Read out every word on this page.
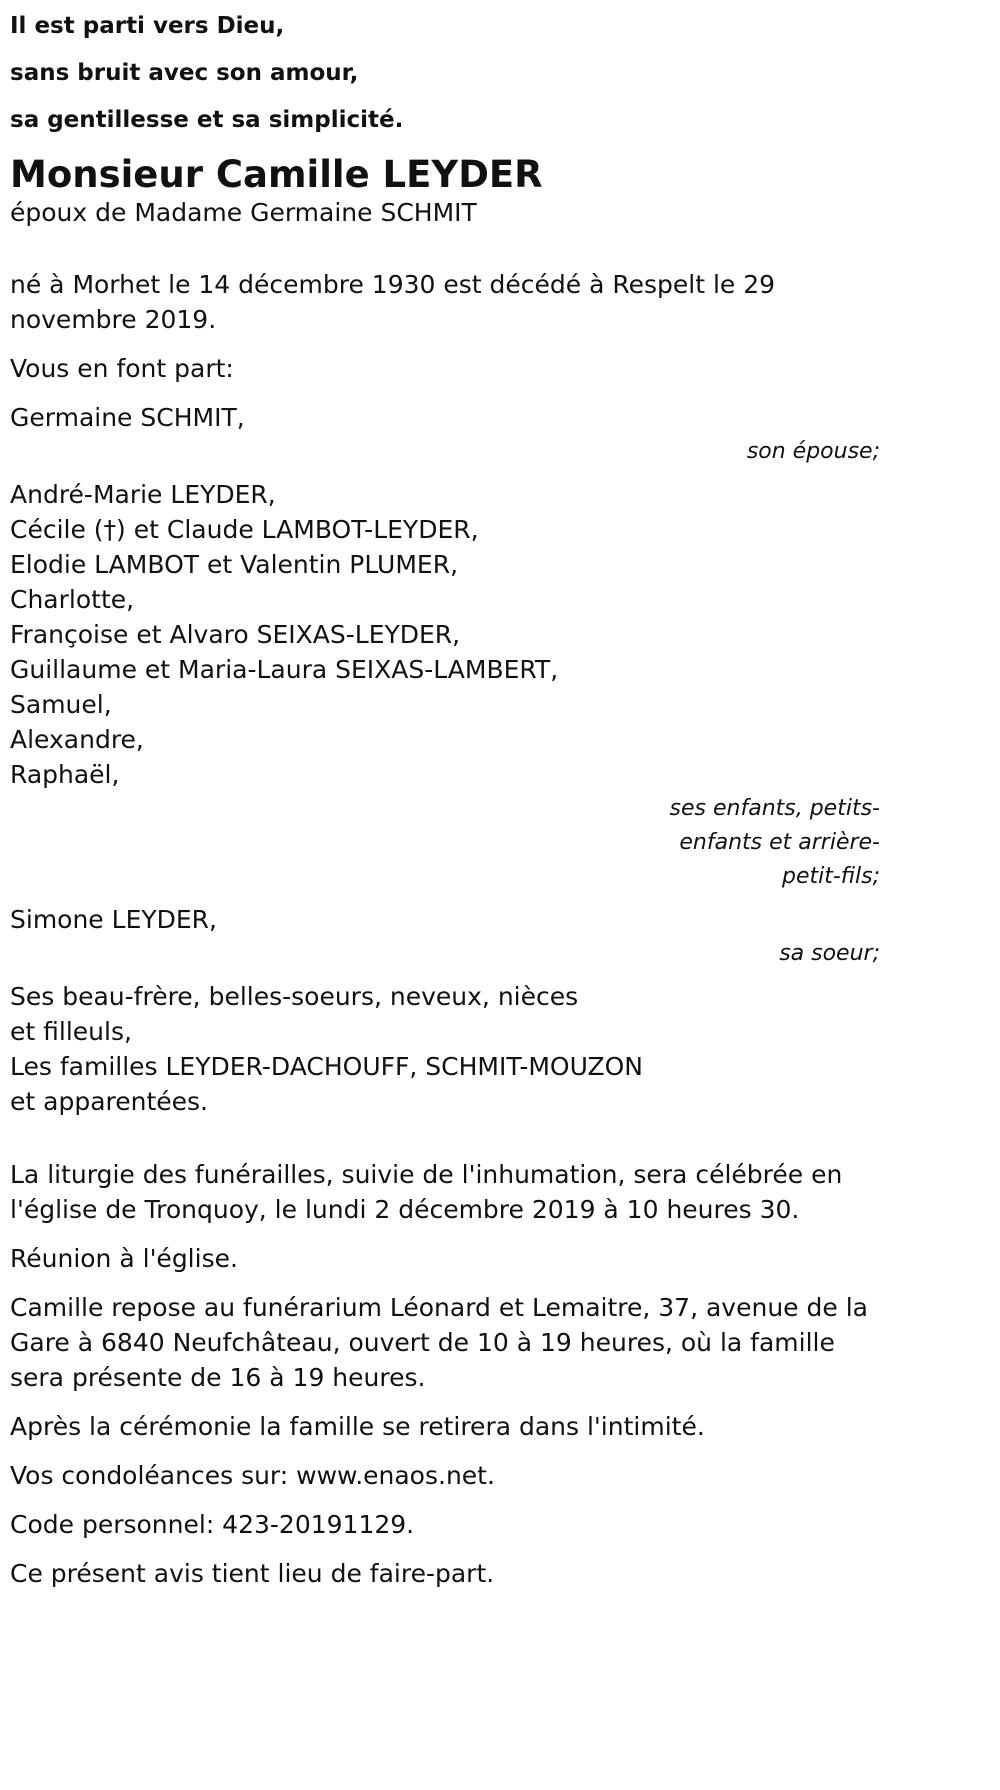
Il est parti vers Dieu,
sans bruit avec son amour,
sa gentillesse et sa simplicité.
Monsieur Camille LEYDER
époux de Madame Germaine SCHMIT
né à Morhet le 14 décembre 1930 est décédé à Respelt le 29 novembre 2019.
Vous en font part:
Germaine SCHMIT,
son épouse;
André-Marie LEYDER,
Cécile (†) et Claude LAMBOT-LEYDER,
Elodie LAMBOT et Valentin PLUMER,
Charlotte,
Françoise et Alvaro SEIXAS-LEYDER,
Guillaume et Maria-Laura SEIXAS-LAMBERT,
Samuel,
Alexandre,
Raphaël,
ses enfants, petits-enfants et arrière-petit-fils;
Simone LEYDER,
sa soeur;
Ses beau-frère, belles-soeurs, neveux, nièces
et filleuls,
Les familles LEYDER-DACHOUFF, SCHMIT-MOUZON
et apparentées.
La liturgie des funérailles, suivie de l'inhumation, sera célébrée en l'église de Tronquoy, le lundi 2 décembre 2019 à 10 heures 30.
Réunion à l'église.
Camille repose au funérarium Léonard et Lemaitre, 37, avenue de la Gare à 6840 Neufchâteau, ouvert de 10 à 19 heures, où la famille sera présente de 16 à 19 heures.
Après la cérémonie la famille se retirera dans l'intimité.
Vos condoléances sur: www.enaos.net.
Code personnel: 423-20191129.
Ce présent avis tient lieu de faire-part.
